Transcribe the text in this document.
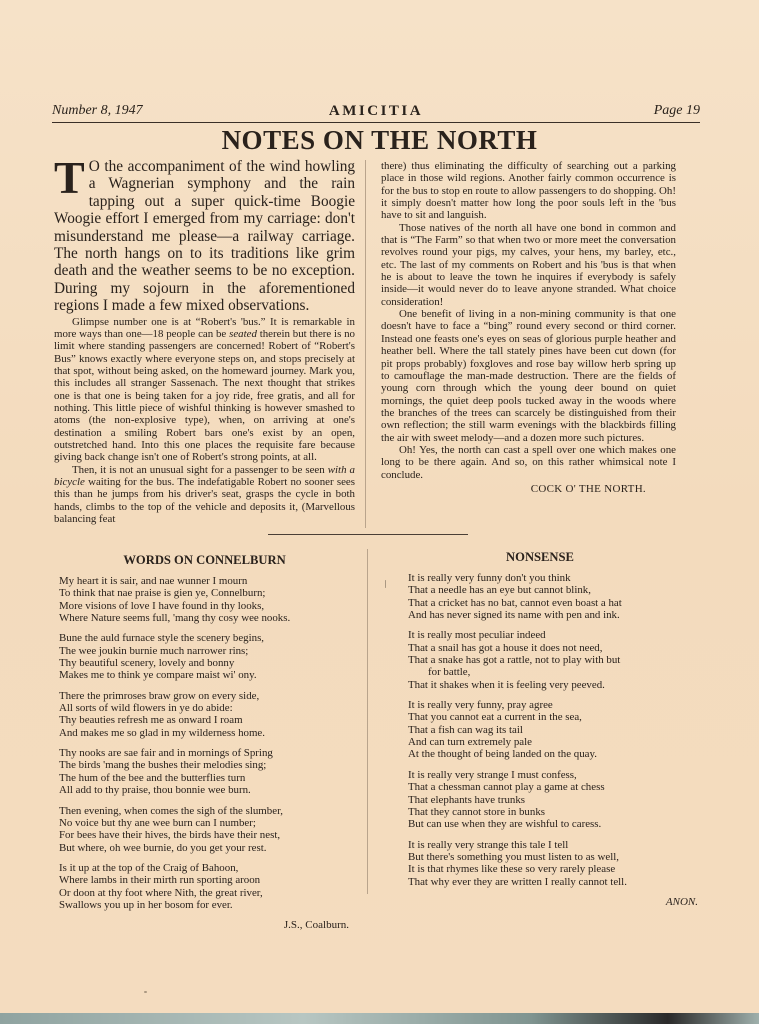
Number 8, 1947	AMICITIA	Page 19
NOTES ON THE NORTH

T O the accompaniment of the wind howling a Wagnerian symphony and the rain tapping out a super quick-time Boogie Woogie effort I emerged from my carriage: don't misunderstand me please—a railway carriage. The north hangs on to its traditions like grim death and the weather seems to be no exception. During my sojourn in the aforementioned regions I made a few mixed observations.

Glimpse number one is at “Robert's 'bus.” It is remarkable in more ways than one—18 people can be seated therein but there is no limit where standing passengers are concerned! Robert of “Robert's Bus” knows exactly where everyone steps on, and stops precisely at that spot, without being asked, on the homeward journey. Mark you, this includes all stranger Sassenach. The next thought that strikes one is that one is being taken for a joy ride, free gratis, and all for nothing. This little piece of wishful thinking is however smashed to atoms (the non-explosive type), when, on arriving at one's destination a smiling Robert bars one's exist by an open, outstretched hand. Into this one places the requisite fare because giving back change isn't one of Robert's strong points, at all.

Then, it is not an unusual sight for a passenger to be seen with a bicycle waiting for the bus. The indefatigable Robert no sooner sees this than he jumps from his driver's seat, grasps the cycle in both hands, climbs to the top of the vehicle and deposits it, (Marvellous balancing feat

there) thus eliminating the difficulty of searching out a parking place in those wild regions. Another fairly common occurrence is for the bus to stop en route to allow passengers to do shopping. Oh! it simply doesn't matter how long the poor souls left in the 'bus have to sit and languish.

Those natives of the north all have one bond in common and that is “The Farm” so that when two or more meet the conversation revolves round your pigs, my calves, your hens, my barley, etc., etc. The last of my comments on Robert and his 'bus is that when he is about to leave the town he inquires if everybody is safely inside—it would never do to leave anyone stranded. What choice consideration!

One benefit of living in a non-mining community is that one doesn't have to face a “bing” round every second or third corner. Instead one feasts one's eyes on seas of glorious purple heather and heather bell. Where the tall stately pines have been cut down (for pit props probably) foxgloves and rose bay willow herb spring up to camouflage the man-made destruction. There are the fields of young corn through which the young deer bound on quiet mornings, the quiet deep pools tucked away in the woods where the branches of the trees can scarcely be distinguished from their own reflection; the still warm evenings with the blackbirds filling the air with sweet melody—and a dozen more such pictures.

Oh! Yes, the north can cast a spell over one which makes one long to be there again. And so, on this rather whimsical note I conclude.

COCK O' THE NORTH.
WORDS ON CONNELBURN
My heart it is sair, and nae wunner I mourn
To think that nae praise is gien ye, Connelburn;
More visions of love I have found in thy looks,
Where Nature seems full, 'mang thy cosy wee nooks.
Bune the auld furnace style the scenery begins,
The wee joukin burnie much narrower rins;
Thy beautiful scenery, lovely and bonny
Makes me to think ye compare maist wi' ony.
There the primroses braw grow on every side,
All sorts of wild flowers in ye do abide:
Thy beauties refresh me as onward I roam
And makes me so glad in my wilderness home.
Thy nooks are sae fair and in mornings of Spring
The birds 'mang the bushes their melodies sing;
The hum of the bee and the butterflies turn
All add to thy praise, thou bonnie wee burn.
Then evening, when comes the sigh of the slumber,
No voice but thy ane wee burn can I number;
For bees have their hives, the birds have their nest,
But where, oh wee burnie, do you get your rest.
Is it up at the top of the Craig of Bahoon,
Where lambs in their mirth run sporting aroon
Or doon at thy foot where Nith, the great river,
Swallows you up in her bosom for ever.
J.S., Coalburn.
NONSENSE
It is really very funny don't you think
That a needle has an eye but cannot blink,
That a cricket has no bat, cannot even boast a hat
And has never signed its name with pen and ink.
It is really most peculiar indeed
That a snail has got a house it does not need,
That a snake has got a rattle, not to play with but
for battle,
That it shakes when it is feeling very peeved.
It is really very funny, pray agree
That you cannot eat a current in the sea,
That a fish can wag its tail
And can turn extremely pale
At the thought of being landed on the quay.
It is really very strange I must confess,
That a chessman cannot play a game at chess
That elephants have trunks
That they cannot store in bunks
But can use when they are wishful to caress.
It is really very strange this tale I tell
But there's something you must listen to as well,
It is that rhymes like these so very rarely please
That why ever they are written I really cannot tell.
ANON.
